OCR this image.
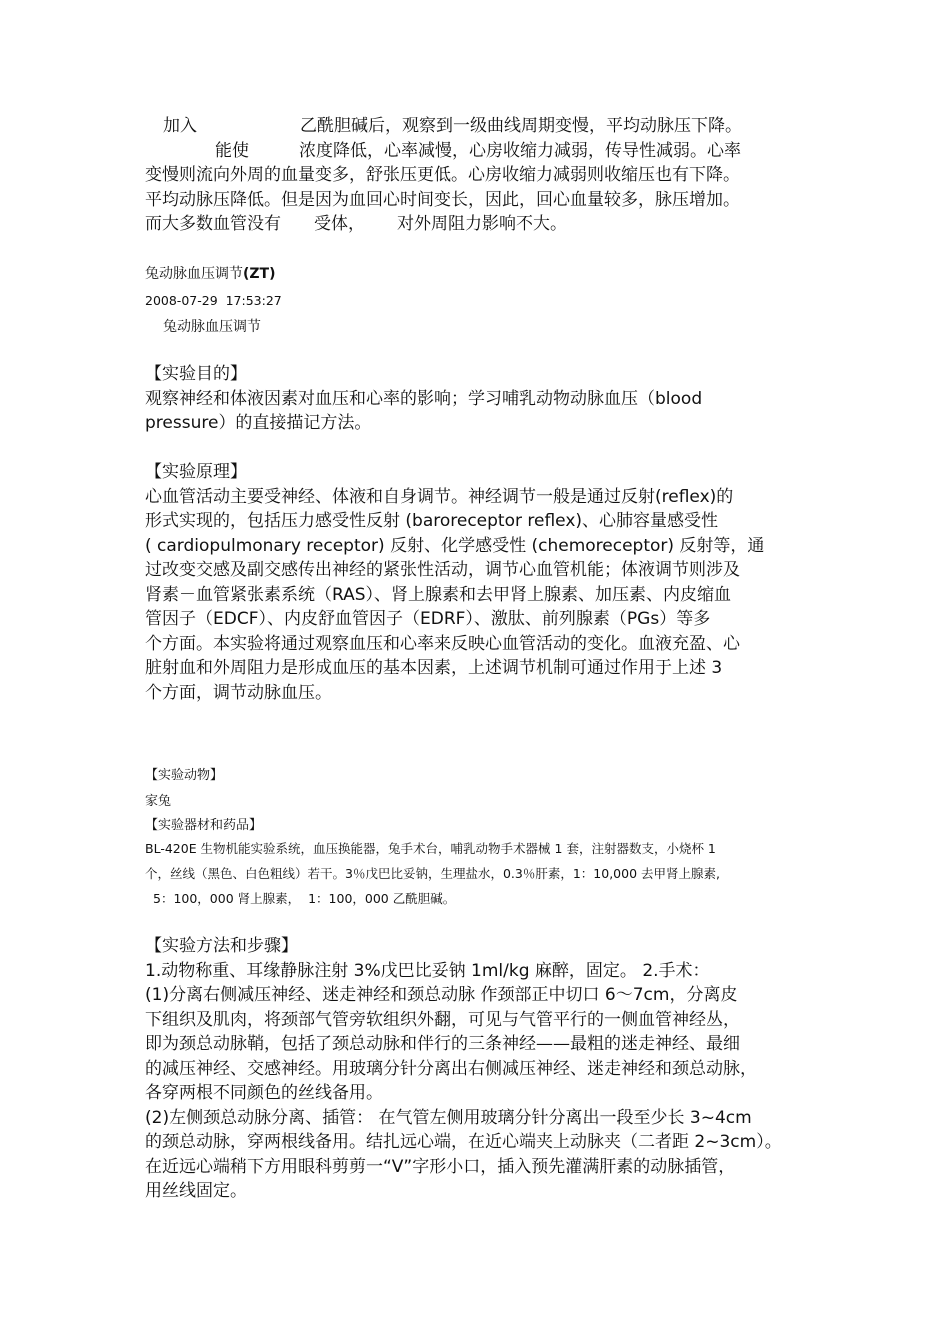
加入	乙酰胆碱后，观察到一级曲线周期变慢，平均动脉压下降。

能使	浓度降低，心率减慢，心房收缩力减弱，传导性减弱。心率

变慢则流向外周的血量变多，舒张压更低。心房收缩力减弱则收缩压也有下降。

平均动脉压降低。但是因为血回心时间变长，因此，回心血量较多，脉压增加。

而大多数血管没有 受体， 对外周阻力影响不大。

兔动脉血压调节(ZT)

2008-07-29  17:53:27

兔动脉血压调节

【实验目的】

观察神经和体液因素对血压和心率的影响；学习哺乳动物动脉血压（blood

pressure）的直接描记方法。

【实验原理】

心血管活动主要受神经、体液和自身调节。神经调节一般是通过反射(reflex)的

形式实现的，包括压力感受性反射 (baroreceptor reflex)、心肺容量感受性

( cardiopulmonary receptor) 反射、化学感受性 (chemoreceptor) 反射等，通

过改变交感及副交感传出神经的紧张性活动，调节心血管机能；体液调节则涉及

肾素－血管紧张素系统（RAS）、肾上腺素和去甲肾上腺素、加压素、内皮缩血

管因子（EDCF）、内皮舒血管因子（EDRF）、激肽、前列腺素（PGs）等多

个方面。本实验将通过观察血压和心率来反映心血管活动的变化。血液充盈、心

脏射血和外周阻力是形成血压的基本因素，上述调节机制可通过作用于上述 3

个方面，调节动脉血压。

【实验动物】

家兔

【实验器材和药品】

BL-420E 生物机能实验系统，血压换能器，兔手术台，哺乳动物手术器械 1 套，注射器数支，小烧杯 1

个，丝线（黑色、白色粗线）若干。3％戊巴比妥钠，生理盐水，0.3％肝素，1：10,000 去甲肾上腺素,

5：100，000 肾上腺素，  1：100，000 乙酰胆碱。

【实验方法和步骤】

1.动物称重、耳缘静脉注射 3%戊巴比妥钠 1ml/kg 麻醉，固定。 2.手术：

(1)分离右侧减压神经、迷走神经和颈总动脉 作颈部正中切口 6～7cm，分离皮

下组织及肌肉，将颈部气管旁软组织外翻，可见与气管平行的一侧血管神经丛，

即为颈总动脉鞘，包括了颈总动脉和伴行的三条神经——最粗的迷走神经、最细

的减压神经、交感神经。用玻璃分针分离出右侧减压神经、迷走神经和颈总动脉，

各穿两根不同颜色的丝线备用。

(2)左侧颈总动脉分离、插管： 在气管左侧用玻璃分针分离出一段至少长 3~4cm

的颈总动脉，穿两根线备用。结扎远心端，在近心端夹上动脉夹（二者距 2~3cm）。

在近远心端稍下方用眼科剪剪一“V”字形小口，插入预先灌满肝素的动脉插管，

用丝线固定。
